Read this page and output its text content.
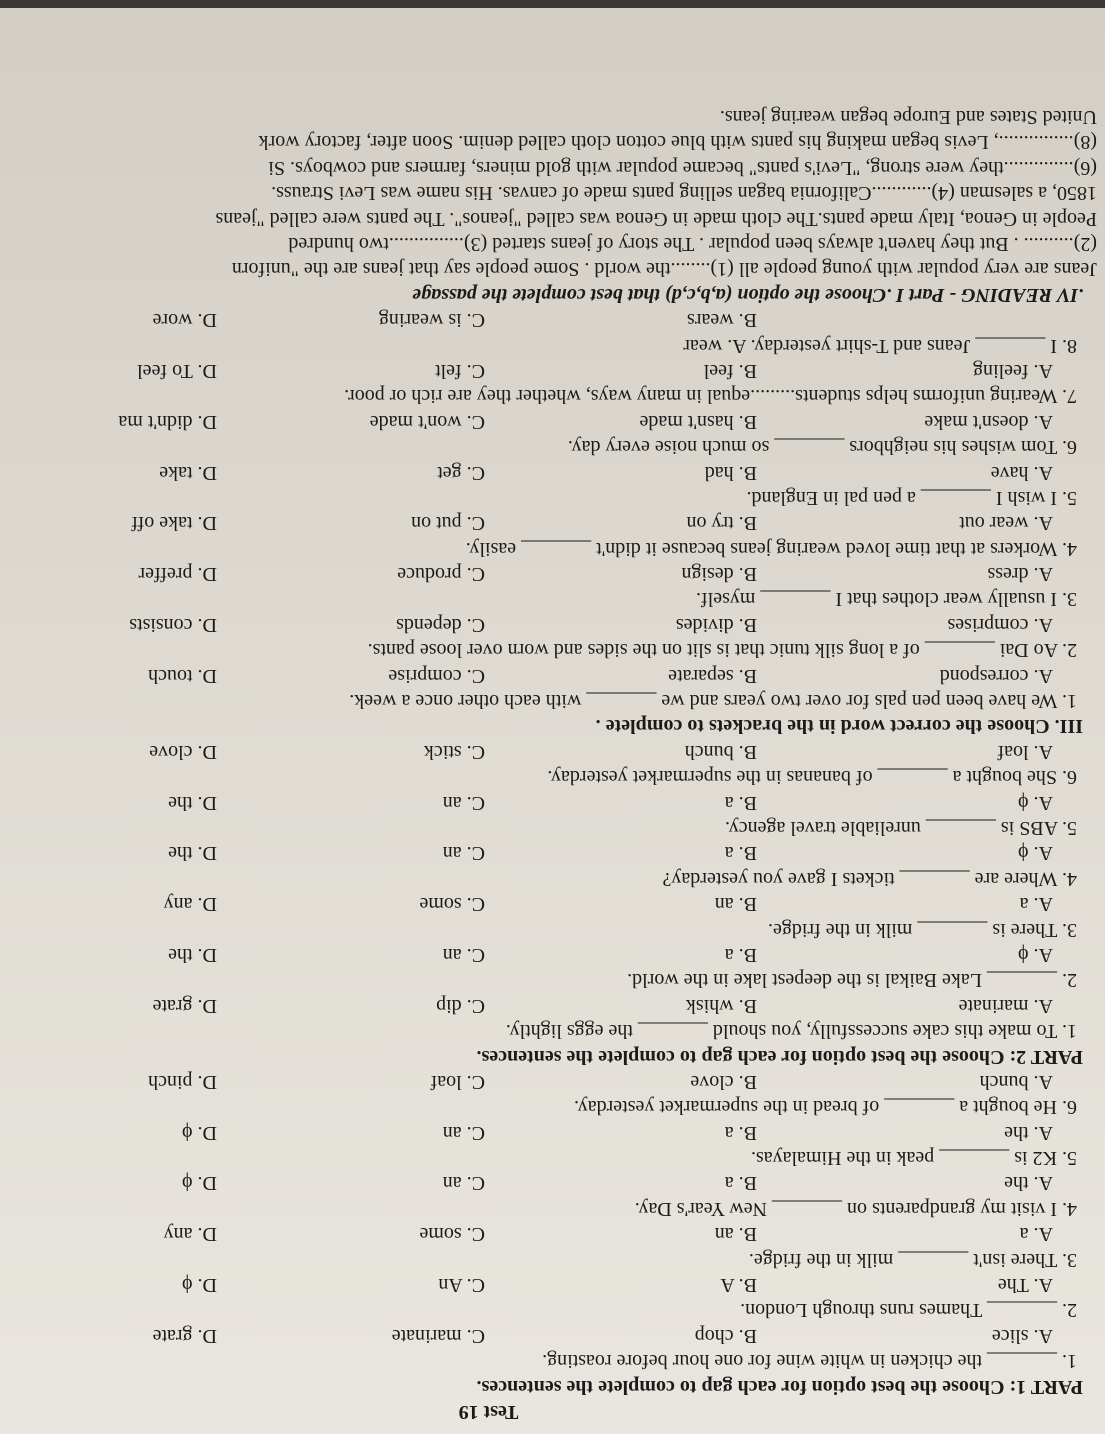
Test 19
PART 1: Choose the best option for each gap to complete the sentences.
1. _______ the chicken in white wine for one hour before roasting.
A. slice
B. chop
C. marinate
D. grate
2. _______ Thames runs through London.
A. The
B. A
C. An
D. ϕ
3. There isn't _______ milk in the fridge.
A. a
B. an
C. some
D. any
4. I visit my grandparents on _______ New Year's Day.
A. the
B. a
C. an
D. ϕ
5. K2 is _______ peak in the Himalayas.
A. the
B. a
C. an
D. ϕ
6. He bought a _______ of bread in the supermarket yesterday.
A. bunch
B. clove
C. loaf
D. pinch
PART 2: Choose the best option for each gap to complete the sentences.
1. To make this cake successfully, you should _______ the eggs lightly.
A. marinate
B. whisk
C. dip
D. grate
2. _______ Lake Baikal is the deepest lake in the world.
A. ϕ
B. a
C. an
D. the
3. There is _______ milk in the fridge.
A. a
B. an
C. some
D. any
4. Where are _______ tickets I gave you yesterday?
A. ϕ
B. a
C. an
D. the
5. ABS is _______ unreliable travel agency.
A. ϕ
B. a
C. an
D. the
6. She bought a _______ of bananas in the supermarket yesterday.
A. loaf
B. bunch
C. stick
D. clove
III. Choose the correct word in the brackets to complete .
1. We have been pen pals for over two years and we _______ with each other once a week.
A. correspond
B. separate
C. comprise
D. touch
2. Ao Dai _______ of a long silk tunic that is slit on the sides and worn over loose pants.
A. comprises
B. divides
C. depends
D. consists
3. I usually wear clothes that I _______ myself.
A. dress
B. design
C. produce
D. preffer
4. Workers at that time loved wearing jeans because it didn't _______ easily.
A. wear out
B. try on
C. put on
D. take off
5. I wish I _______ a pen pal in England.
A. have
B. had
C. get
D. take
6. Tom wishes his neighbors _______ so much noise every day.
A. doesn't make
B. hasn't made
C. won't made
D. didn't ma
7. Wearing uniforms helps students.........equal in many ways, whether they are rich or poor.
A. feeling
B. feel
C. felt
D. To feel
8. I _______ Jeans and T-shirt yesterday. A. wear
B. wears
C. is wearing
D. wore
.IV READING - Part I .Choose the option (a,b,c,d) that best complete the passage
Jeans are very popular with young people all (1)........the world . Some people say that jeans are the "uniforn
(2).......... . But they haven't always been popular . The story of jeans started (3)...............two hundred
People in Genoa, Italy made pants.The cloth made in Genoa was called "jeanos". The pants were called "jeans
1850, a salesman (4)............California bagan selling pants made of canvas. His name was Levi Strauss.
(6)..............they were strong, "Levi's pants" became popular with gold miners, farmers and cowboys. Si
(8)..............., Levis began making his pants with blue cotton cloth called denim. Soon after, factory work
United States and Europe began wearing jeans.
